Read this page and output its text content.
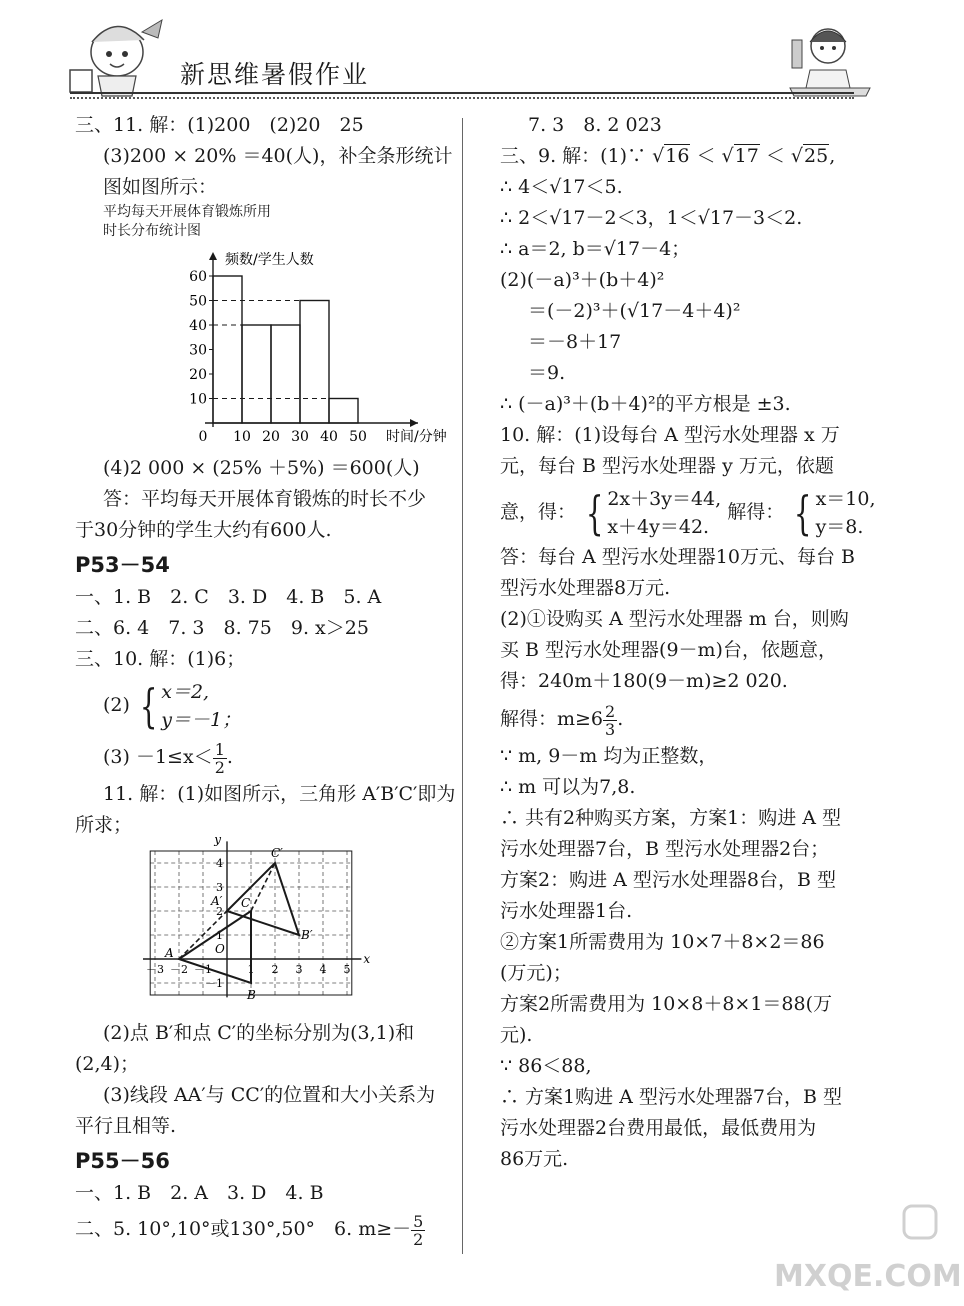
新思维暑假作业
三、11. 解：(1)200　(2)20　25
(3)200 × 20% ＝40(人)，补全条形统计
图如图所示：
平均每天开展体育锻炼所用
时长分布统计图
频数/学生人数
时间/分钟
10
20
30
40
50
60
0 10 20 30 40 50
(4)2 000 × (25% ＋5%) ＝600(人)
答：平均每天开展体育锻炼的时长不少
于30分钟的学生大约有600人.
P53－54
一、1. B　2. C　3. D　4. B　5. A
二、6. 4　7. 3　8. 75　9. x＞25
三、10. 解：(1)6；
(2) { x＝2,
y＝－1；
$(3) -1\le x< \frac{1}{2}$ .
11. 解：(1)如图所示，三角形 A′B′C′即为
所求；
x
y
－3 －2 －1	1 2 3 4 5
－1
1
2
3
4
A
B
C
A′
B′
C′
O
(2)点 B′和点 C′的坐标分别为(3,1)和
(2,4)；
(3)线段 AA′与 CC′的位置和大小关系为
平行且相等.
P55－56
一、1. B　2. A　3. D　4. B
二、5. 10°,10°或130°,50°　6. $m\ge- \frac{5}{2}$
7. 3　8. 2 023
三、9. 解：(1)∵ √16 ＜ √17 ＜ √25,
∴ 4＜√17＜5.
∴ 2＜√17－2＜3，1＜√17－3＜2.
∴ a＝2, b＝√17－4；
(2)(－a)³＋(b＋4)²
＝(－2)³＋(√17－4＋4)²
＝－8＋17
＝9.
∴ (－a)³＋(b＋4)²的平方根是 ±3.
10. 解：(1)设每台 A 型污水处理器 x 万
元，每台 B 型污水处理器 y 万元，依题
意，得： { 2x＋3y＝44,
x＋4y＝42.
解得： { x＝10,
y＝8.
答：每台 A 型污水处理器10万元、每台 B
型污水处理器8万元.
(2)①设购买 A 型污水处理器 m 台，则购
买 B 型污水处理器(9－m)台，依题意，
得：240m＋180(9－m)≥2 020.
解得：$m\ge 6 \frac{2}{3}$ .
∵ m, 9－m 均为正整数，
∴ m 可以为7,8.
∴ 共有2种购买方案，方案1：购进 A 型
污水处理器7台，B 型污水处理器2台；
方案2：购进 A 型污水处理器8台，B 型
污水处理器1台.
②方案1所需费用为 10×7＋8×2＝86
(万元)；
方案2所需费用为 10×8＋8×1＝88(万
元).
∵ 86＜88,
∴ 方案1购进 A 型污水处理器7台，B 型
污水处理器2台费用最低，最低费用为
86万元.
MXQE.COM
